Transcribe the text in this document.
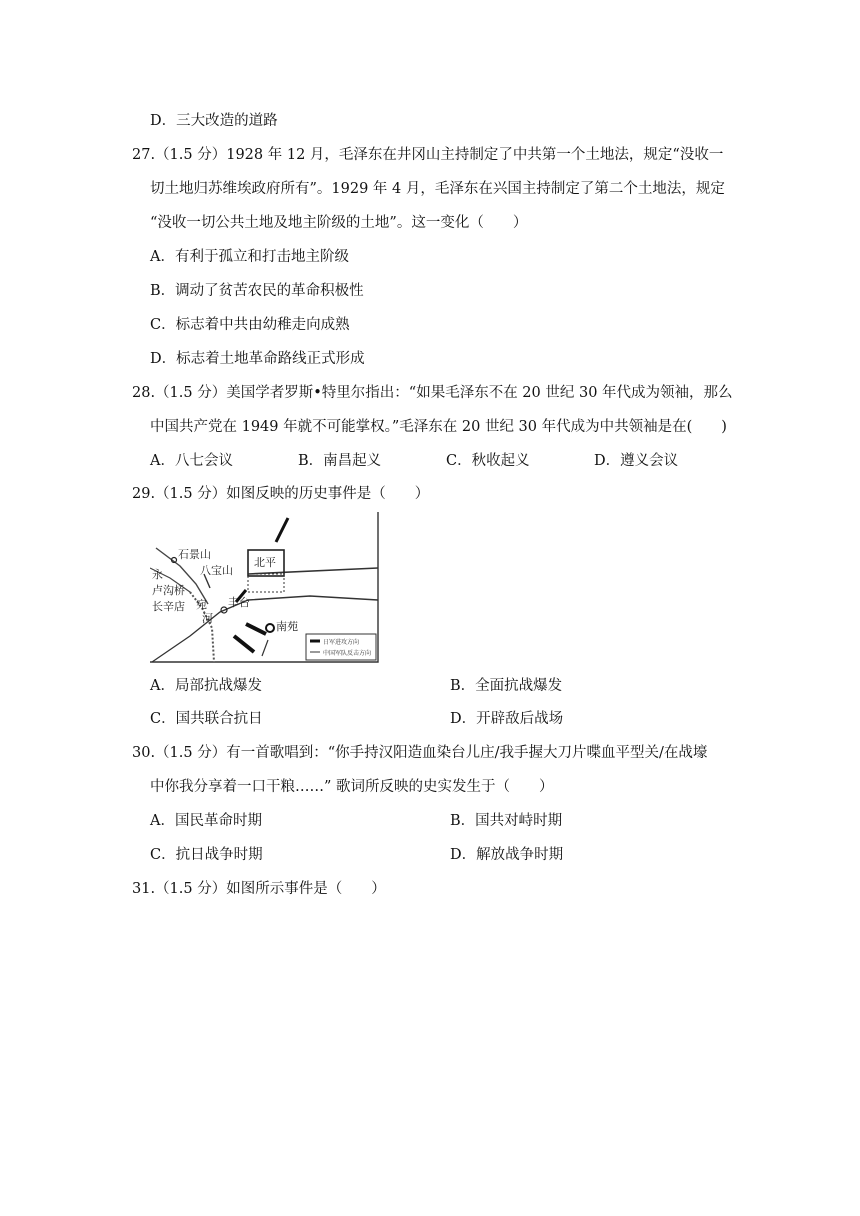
D．三大改造的道路
27.（1.5 分）1928 年 12 月，毛泽东在井冈山主持制定了中共第一个土地法，规定“没收一
切土地归苏维埃政府所有”。1929 年 4 月，毛泽东在兴国主持制定了第二个土地法，规定
“没收一切公共土地及地主阶级的土地”。这一变化（　　）
A．有利于孤立和打击地主阶级
B．调动了贫苦农民的革命积极性
C．标志着中共由幼稚走向成熟
D．标志着土地革命路线正式形成
28.（1.5 分）美国学者罗斯•特里尔指出：“如果毛泽东不在 20 世纪 30 年代成为领袖，那么
中国共产党在 1949 年就不可能掌权。”毛泽东在 20 世纪 30 年代成为中共领袖是在(　　)
A．八七会议	B．南昌起义	C．秋收起义	D．遵义会议
29.（1.5 分）如图反映的历史事件是（　　）
石景山
八宝山
北平
永
卢沟桥
长辛店 宛
河
丰台
南苑
日军进攻方向
中国军队反击方向
A．局部抗战爆发	B．全面抗战爆发
C．国共联合抗日	D．开辟敌后战场
30.（1.5 分）有一首歌唱到：“你手持汉阳造血染台儿庄/我手握大刀片喋血平型关/在战壕
中你我分享着一口干粮……” 歌词所反映的史实发生于（　　）
A．国民革命时期	B．国共对峙时期
C．抗日战争时期	D．解放战争时期
31.（1.5 分）如图所示事件是（　　）
